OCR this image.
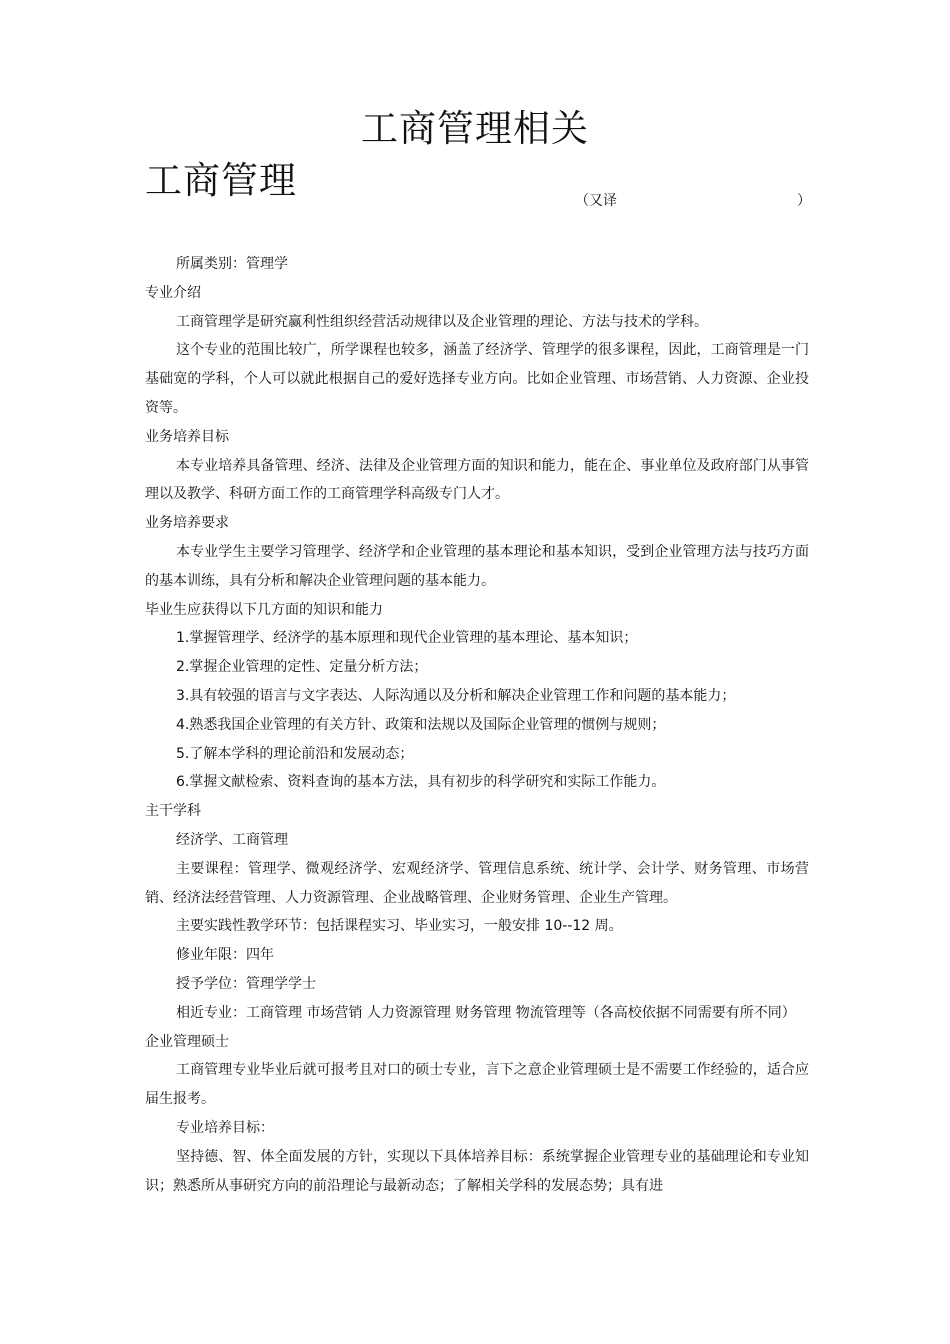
工商管理相关
工商管理	（又译	）

所属类别：管理学

专业介绍

工商管理学是研究赢利性组织经营活动规律以及企业管理的理论、方法与技术的学科。

这个专业的范围比较广，所学课程也较多，涵盖了经济学、管理学的很多课程，因此，工商管理是一门基础宽的学科，个人可以就此根据自己的爱好选择专业方向。比如企业管理、市场营销、人力资源、企业投资等。

业务培养目标

本专业培养具备管理、经济、法律及企业管理方面的知识和能力，能在企、事业单位及政府部门从事管理以及教学、科研方面工作的工商管理学科高级专门人才。

业务培养要求

本专业学生主要学习管理学、经济学和企业管理的基本理论和基本知识，受到企业管理方法与技巧方面的基本训练，具有分析和解决企业管理问题的基本能力。

毕业生应获得以下几方面的知识和能力

1.掌握管理学、经济学的基本原理和现代企业管理的基本理论、基本知识；

2.掌握企业管理的定性、定量分析方法；

3.具有较强的语言与文字表达、人际沟通以及分析和解决企业管理工作和问题的基本能力；

4.熟悉我国企业管理的有关方针、政策和法规以及国际企业管理的惯例与规则；

5.了解本学科的理论前沿和发展动态；

6.掌握文献检索、资料查询的基本方法，具有初步的科学研究和实际工作能力。

主干学科

经济学、工商管理

主要课程：管理学、微观经济学、宏观经济学、管理信息系统、统计学、会计学、财务管理、市场营销、经济法经营管理、人力资源管理、企业战略管理、企业财务管理、企业生产管理。

主要实践性教学环节：包括课程实习、毕业实习，一般安排 10--12 周。

修业年限：四年

授予学位：管理学学士

相近专业：工商管理 市场营销 人力资源管理 财务管理 物流管理等（各高校依据不同需要有所不同）

企业管理硕士

工商管理专业毕业后就可报考且对口的硕士专业，言下之意企业管理硕士是不需要工作经验的，适合应届生报考。

专业培养目标：

坚持德、智、体全面发展的方针，实现以下具体培养目标：系统掌握企业管理专业的基础理论和专业知识；熟悉所从事研究方向的前沿理论与最新动态；了解相关学科的发展态势；具有进
